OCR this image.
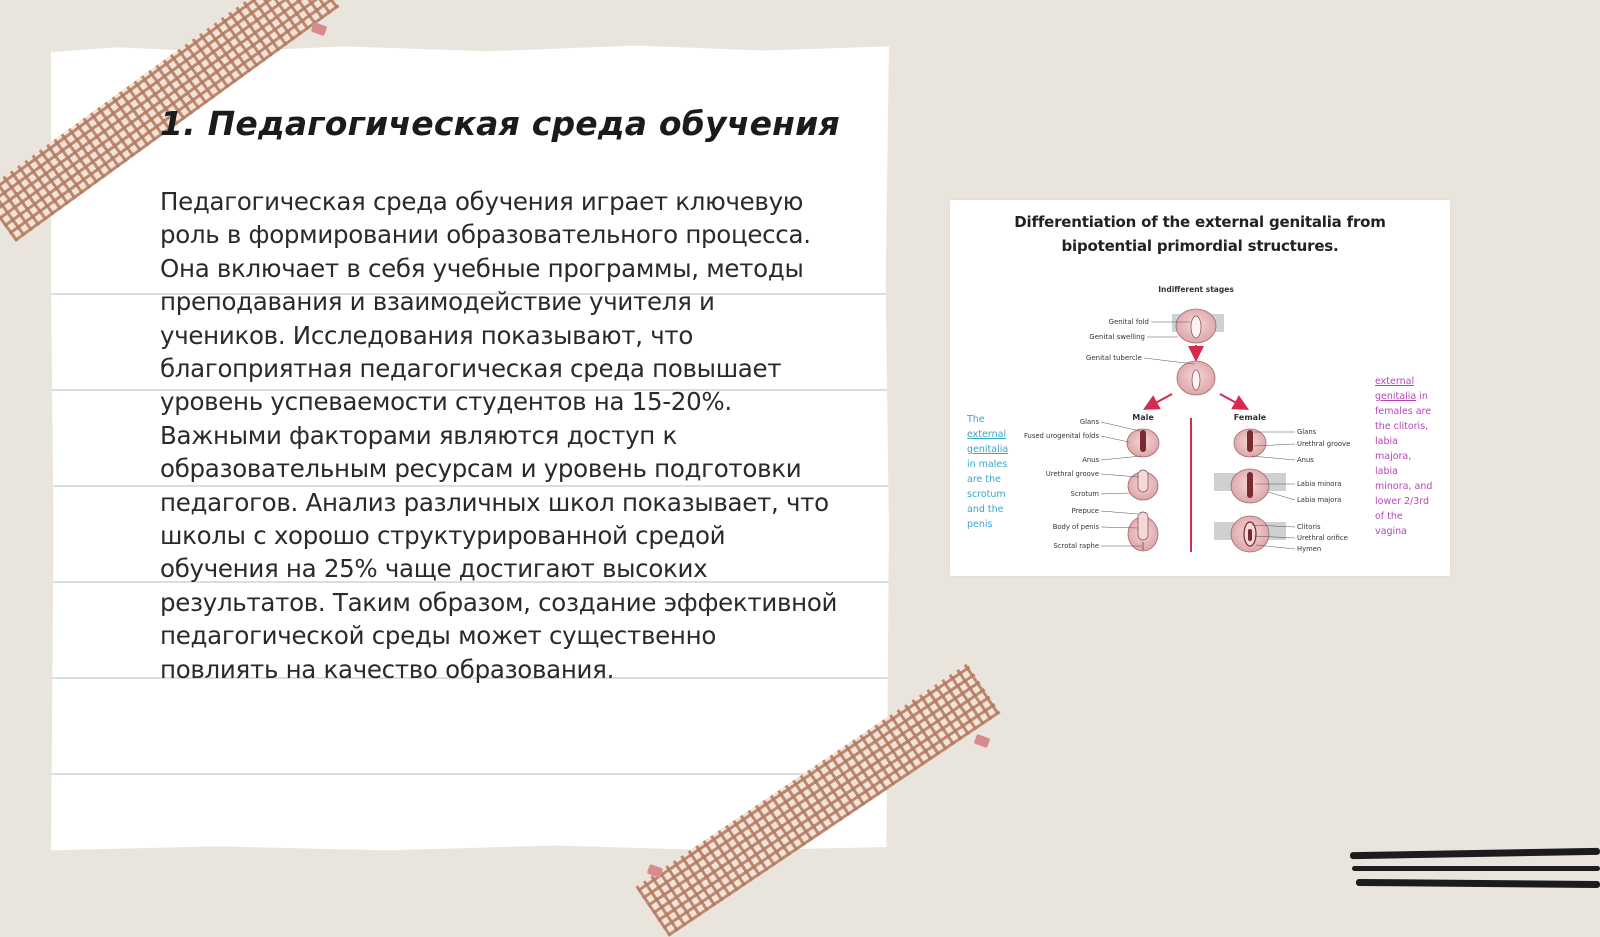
1. Педагогическая среда обучения

Педагогическая среда обучения играет ключевую роль в формировании образовательного процесса. Она включает в себя учебные программы, методы преподавания и взаимодействие учителя и учеников. Исследования показывают, что благоприятная педагогическая среда повышает уровень успеваемости студентов на 15-20%. Важными факторами являются доступ к образовательным ресурсам и уровень подготовки педагогов. Анализ различных школ показывает, что школы с хорошо структурированной средой обучения на 25% чаще достигают высоких результатов. Таким образом, создание эффективной педагогической среды может существенно повлиять на качество образования.

Differentiation of the external genitalia from
bipotential primordial structures.

Indifferent stages
Genital fold
Genital swelling
Genital tubercle
Male	Female
Glans
Fused urogenital folds
Anus
Urethral groove
Scrotum
Prepuce
Body of penis
Scrotal raphe
Glans
Urethral groove
Anus
Labia minora
Labia majora
Clitoris
Urethral orifice
Hymen

The external genitalia in males are the scrotum and the penis

external genitalia in females are the clitoris, labia majora, labia minora, and lower 2/3rd of the vagina
